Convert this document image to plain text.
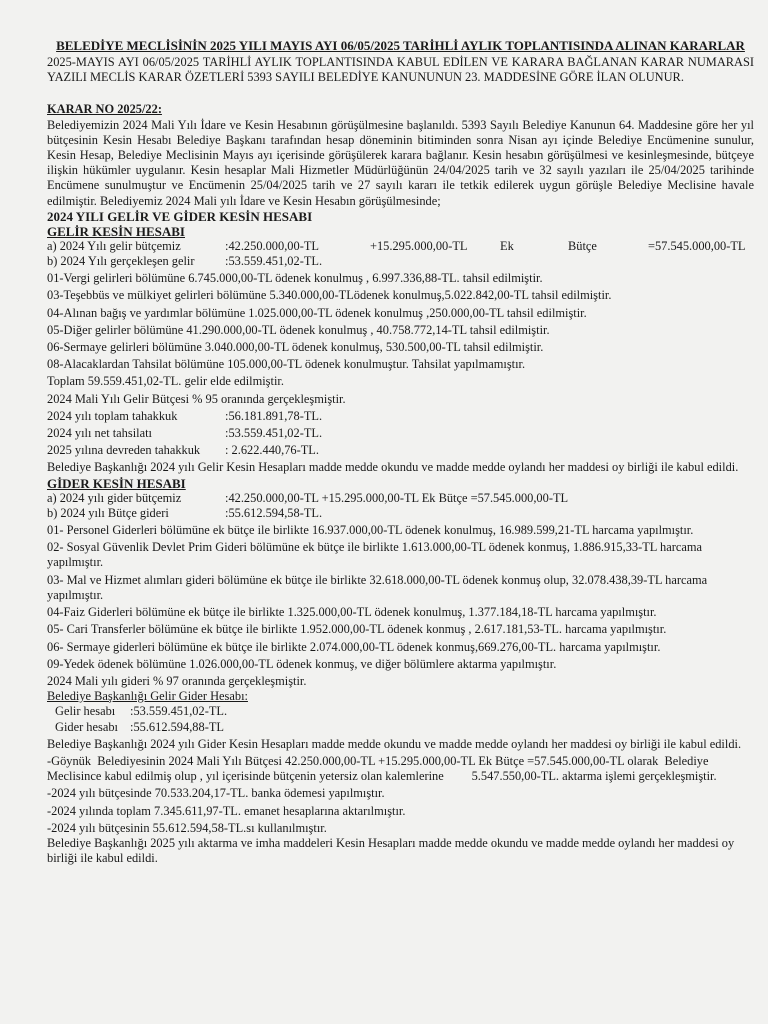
BELEDİYE MECLİSİNİN 2025 YILI MAYIS AYI 06/05/2025 TARİHLİ AYLIK TOPLANTISINDA ALINAN KARARLAR

2025-MAYIS AYI 06/05/2025 TARİHLİ AYLIK TOPLANTISINDA KABUL EDİLEN VE KARARA BAĞLANAN KARAR NUMARASI YAZILI MECLİS KARAR ÖZETLERİ 5393 SAYILI BELEDİYE KANUNUNUN 23. MADDESİNE GÖRE İLAN OLUNUR.

KARAR NO 2025/22:

Belediyemizin 2024 Mali Yılı İdare ve Kesin Hesabının görüşülmesine başlanıldı. 5393 Sayılı Belediye Kanunun 64. Maddesine göre her yıl bütçesinin Kesin Hesabı Belediye Başkanı tarafından hesap döneminin bitiminden sonra Nisan ayı içinde Belediye Encümenine sunulur, Kesin Hesap, Belediye Meclisinin Mayıs ayı içerisinde görüşülerek karara bağlanır. Kesin hesabın görüşülmesi ve kesinleşmesinde, bütçeye ilişkin hükümler uygulanır. Kesin hesaplar Mali Hizmetler Müdürlüğünün 24/04/2025 tarih ve 32 sayılı yazıları ile 25/04/2025 tarihinde Encümene sunulmuştur ve Encümenin 25/04/2025 tarih ve 27 sayılı kararı ile tetkik edilerek uygun görüşle Belediye Meclisine havale edilmiştir. Belediyemiz 2024 Mali yılı İdare ve Kesin Hesabın görüşülmesinde;

2024 YILI GELİR VE GİDER KESİN HESABI

GELİR KESİN HESABI

a) 2024 Yılı gelir bütçemiz	:42.250.000,00-TL	+15.295.000,00-TL	Ek	Bütçe	=57.545.000,00-TL
b) 2024 Yılı gerçekleşen gelir	:53.559.451,02-TL.

01-Vergi gelirleri bölümüne 6.745.000,00-TL ödenek konulmuş , 6.997.336,88-TL. tahsil edilmiştir.

03-Teşebbüs ve mülkiyet gelirleri bölümüne 5.340.000,00-TLödenek konulmuş,5.022.842,00-TL tahsil edilmiştir.

04-Alınan bağış ve yardımlar bölümüne 1.025.000,00-TL ödenek konulmuş ,250.000,00-TL tahsil edilmiştir.

05-Diğer gelirler bölümüne 41.290.000,00-TL ödenek konulmuş , 40.758.772,14-TL tahsil edilmiştir.

06-Sermaye gelirleri bölümüne 3.040.000,00-TL ödenek konulmuş, 530.500,00-TL tahsil edilmiştir.

08-Alacaklardan Tahsilat bölümüne 105.000,00-TL ödenek konulmuştur. Tahsilat yapılmamıştır.

Toplam 59.559.451,02-TL. gelir elde edilmiştir.

2024 Mali Yılı Gelir Bütçesi % 95 oranında gerçekleşmiştir.

2024 yılı toplam tahakkuk	:56.181.891,78-TL.
2024 yılı net tahsilatı	:53.559.451,02-TL.
2025 yılına devreden tahakkuk	: 2.622.440,76-TL.

Belediye Başkanlığı 2024 yılı Gelir Kesin Hesapları madde medde okundu ve madde medde oylandı her maddesi oy birliği ile kabul edildi.

GİDER KESİN HESABI

a) 2024 yılı gider bütçemiz	:42.250.000,00-TL +15.295.000,00-TL Ek Bütçe =57.545.000,00-TL
b) 2024 yılı Bütçe gideri	:55.612.594,58-TL.

01- Personel Giderleri bölümüne ek bütçe ile birlikte 16.937.000,00-TL ödenek konulmuş, 16.989.599,21-TL harcama yapılmıştır.

02- Sosyal Güvenlik Devlet Prim Gideri bölümüne ek bütçe ile birlikte 1.613.000,00-TL ödenek konmuş, 1.886.915,33-TL harcama yapılmıştır.

03- Mal ve Hizmet alımları gideri bölümüne ek bütçe ile birlikte 32.618.000,00-TL ödenek konmuş olup, 32.078.438,39-TL harcama yapılmıştır.

04-Faiz Giderleri bölümüne ek bütçe ile birlikte 1.325.000,00-TL ödenek konulmuş, 1.377.184,18-TL harcama yapılmıştır.

05- Cari Transferler bölümüne ek bütçe ile birlikte 1.952.000,00-TL ödenek konmuş , 2.617.181,53-TL. harcama yapılmıştır.

06- Sermaye giderleri bölümüne ek bütçe ile birlikte 2.074.000,00-TL ödenek konmuş,669.276,00-TL. harcama yapılmıştır.

09-Yedek ödenek bölümüne 1.026.000,00-TL ödenek konmuş, ve diğer bölümlere aktarma yapılmıştır.

2024 Mali yılı gideri % 97 oranında gerçekleşmiştir.

Belediye Başkanlığı Gelir Gider Hesabı:

Gelir hesabı	:53.559.451,02-TL.
Gider hesabı :55.612.594,88-TL

Belediye Başkanlığı 2024 yılı Gider Kesin Hesapları madde medde okundu ve madde medde oylandı her maddesi oy birliği ile kabul edildi.

-Göynük  Belediyesinin 2024 Mali Yılı Bütçesi 42.250.000,00-TL +15.295.000,00-TL Ek Bütçe =57.545.000,00-TL olarak  Belediye Meclisince kabul edilmiş olup , yıl içerisinde bütçenin yetersiz olan kalemlerine         5.547.550,00-TL. aktarma işlemi gerçekleşmiştir.

-2024 yılı bütçesinde 70.533.204,17-TL. banka ödemesi yapılmıştır.

-2024 yılında toplam 7.345.611,97-TL. emanet hesaplarına aktarılmıştır.

-2024 yılı bütçesinin 55.612.594,58-TL.sı kullanılmıştır.

Belediye Başkanlığı 2025 yılı aktarma ve imha maddeleri Kesin Hesapları madde medde okundu ve madde medde oylandı her maddesi oy birliği ile kabul edildi.
